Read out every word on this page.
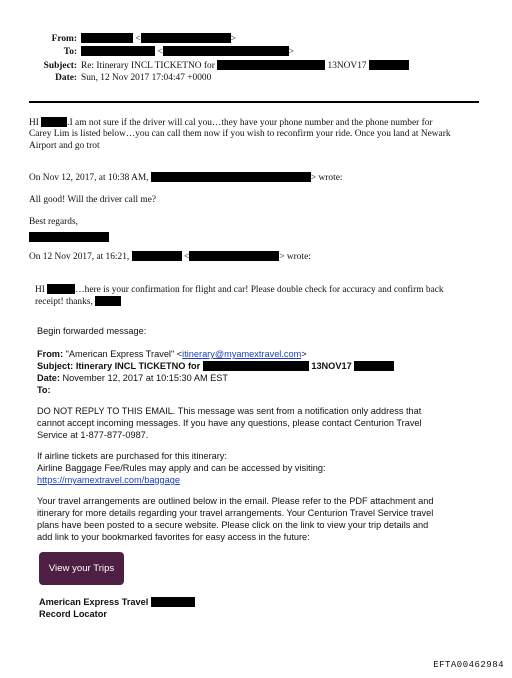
From:	<	>
To:	<	>
Subject: Re: Itinerary INCL TICKETNO for	13NOV17
Date: Sun, 12 Nov 2017 17:04:47 +0000
HI	.I am not sure if the driver will cal you…they have your phone number and the phone number for
Carey Lim is listed below…you can call them now if you wish to reconfirm your ride. Once you land at Newark
Airport and go trot
On Nov 12, 2017, at 10:38 AM,	> wrote:
All good! Will the driver call me?
Best regards,
On 12 Nov 2017, at 16:21,	<	> wrote:
HI	…here is your confirmation for flight and car! Please double check for accuracy and confirm back
receipt! thanks,
Begin forwarded message:
From: "American Express Travel" <itinerary@myamextravel.com>
Subject: Itinerary INCL TICKETNO for	13NOV17
Date: November 12, 2017 at 10:15:30 AM EST
To:
DO NOT REPLY TO THIS EMAIL. This message was sent from a notification only address that
cannot accept incoming messages. If you have any questions, please contact Centurion Travel
Service at 1-877-877-0987.
If airline tickets are purchased for this itinerary:
Airline Baggage Fee/Rules may apply and can be accessed by visiting:
https://myamextravel.com/baggage
Your travel arrangements are outlined below in the email. Please refer to the PDF attachment and
itinerary for more details regarding your travel arrangements. Your Centurion Travel Service travel
plans have been posted to a secure website. Please click on the link to view your trip details and
add link to your bookmarked favorites for easy access in the future:
View your Trips
American Express Travel
Record Locator
EFTA00462984
